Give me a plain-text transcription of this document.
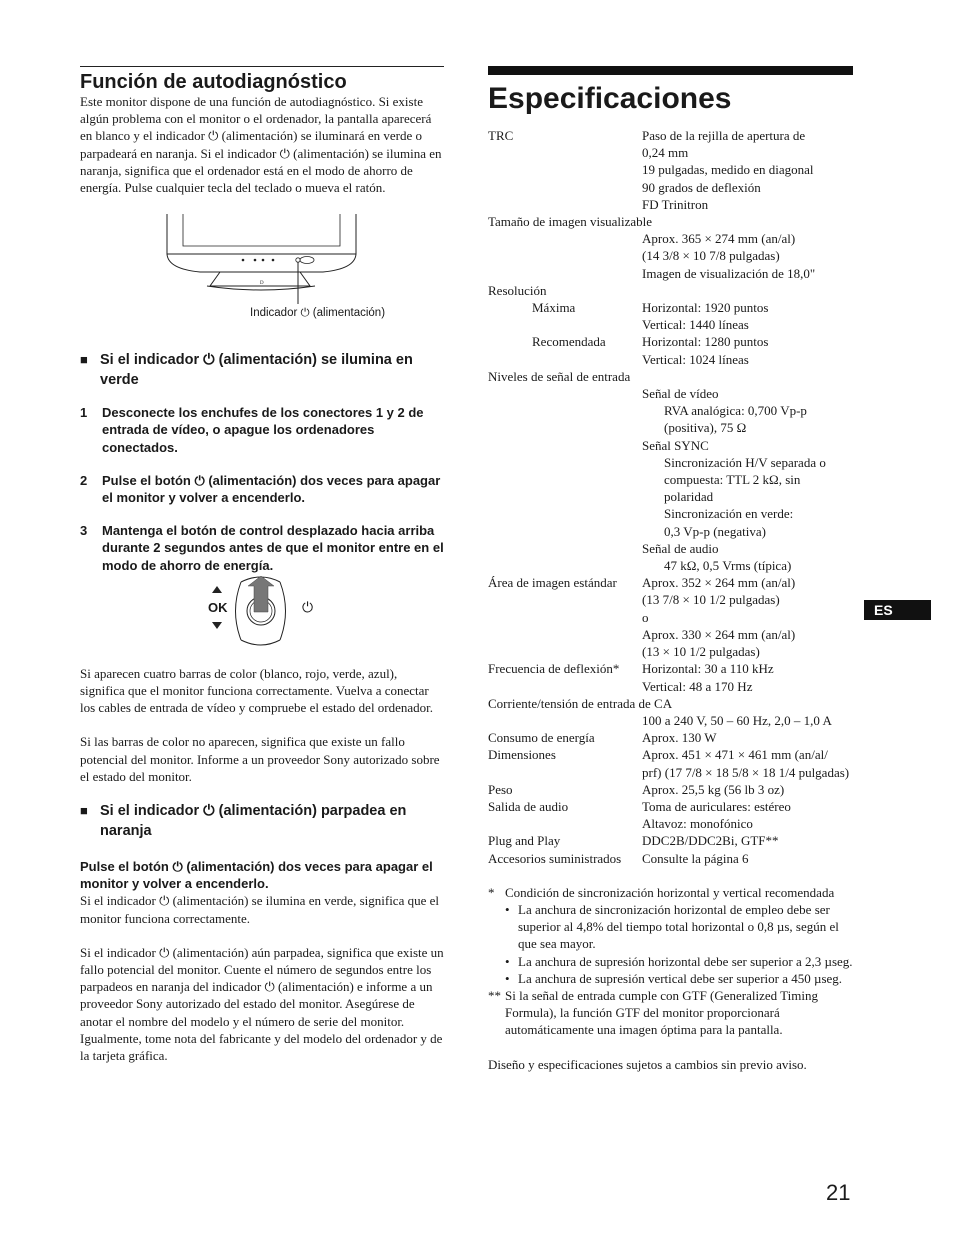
Función de autodiagnóstico

Este monitor dispone de una función de autodiagnóstico. Si existe algún problema con el monitor o el ordenador, la pantalla aparecerá en blanco y el indicador ⏻ (alimentación) se iluminará en verde o parpadeará en naranja. Si el indicador ⏻ (alimentación) se ilumina en naranja, significa que el ordenador está en el modo de ahorro de energía. Pulse cualquier tecla del teclado o mueva el ratón.

D
Indicador ⏻ (alimentación)
■ Si el indicador ⏻ (alimentación) se ilumina en verde
1	Desconecte los enchufes de los conectores 1 y 2 de entrada de vídeo, o apague los ordenadores conectados.
2	Pulse el botón ⏻ (alimentación) dos veces para apagar el monitor y volver a encenderlo.
3	Mantenga el botón de control desplazado hacia arriba durante 2 segundos antes de que el monitor entre en el modo de ahorro de energía.
OK	⏻

Si aparecen cuatro barras de color (blanco, rojo, verde, azul), significa que el monitor funciona correctamente. Vuelva a conectar los cables de entrada de vídeo y compruebe el estado del ordenador.

Si las barras de color no aparecen, significa que existe un fallo potencial del monitor. Informe a un proveedor Sony autorizado sobre el estado del monitor.

■ Si el indicador ⏻ (alimentación) parpadea en naranja

Pulse el botón ⏻ (alimentación) dos veces para apagar el monitor y volver a encenderlo.

Si el indicador ⏻ (alimentación) se ilumina en verde, significa que el monitor funciona correctamente.

Si el indicador ⏻ (alimentación) aún parpadea, significa que existe un fallo potencial del monitor. Cuente el número de segundos entre los parpadeos en naranja del indicador ⏻ (alimentación) e informe a un proveedor Sony autorizado del estado del monitor. Asegúrese de anotar el nombre del modelo y el número de serie del monitor. Igualmente, tome nota del fabricante y del modelo del ordenador y de la tarjeta gráfica.

Especificaciones
TRC	Paso de la rejilla de apertura de
0,24 mm
19 pulgadas, medido en diagonal
90 grados de deflexión
FD Trinitron
Tamaño de imagen visualizable
Aprox. 365 × 274 mm (an/al)
(14 3/8 × 10 7/8 pulgadas)
Imagen de visualización de 18,0"
Resolución
Máxima	Horizontal: 1920 puntos
Vertical: 1440 líneas
Recomendada	Horizontal: 1280 puntos
Vertical: 1024 líneas
Niveles de señal de entrada
Señal de vídeo
RVA analógica: 0,700 Vp-p
(positiva), 75 Ω
Señal SYNC
Sincronización H/V separada o
compuesta: TTL 2 kΩ, sin
polaridad
Sincronización en verde:
0,3 Vp-p (negativa)
Señal de audio
47 kΩ, 0,5 Vrms (típica)
Área de imagen estándar	Aprox. 352 × 264 mm (an/al)
(13 7/8 × 10 1/2 pulgadas)
o
Aprox. 330 × 264 mm (an/al)
(13 × 10 1/2 pulgadas)
Frecuencia de deflexión*	Horizontal: 30 a 110 kHz
Vertical: 48 a 170 Hz
Corriente/tensión de entrada de CA
100 a 240 V, 50 – 60 Hz, 2,0 – 1,0 A
Consumo de energía	Aprox. 130 W
Dimensiones	Aprox. 451 × 471 × 461 mm (an/al/
prf) (17 7/8 × 18 5/8 × 18 1/4 pulgadas)
Peso	Aprox. 25,5 kg (56 lb 3 oz)
Salida de audio	Toma de auriculares: estéreo
Altavoz: monofónico
Plug and Play	DDC2B/DDC2Bi, GTF**
Accesorios suministrados	Consulte la página 6
* Condición de sincronización horizontal y vertical recomendada
• La anchura de sincronización horizontal de empleo debe ser superior al 4,8% del tiempo total horizontal o 0,8 µs, según el que sea mayor.
• La anchura de supresión horizontal debe ser superior a 2,3 µseg.
• La anchura de supresión vertical debe ser superior a 450 µseg.
** Si la señal de entrada cumple con GTF (Generalized Timing Formula), la función GTF del monitor proporcionará automáticamente una imagen óptima para la pantalla.

Diseño y especificaciones sujetos a cambios sin previo aviso.

ES
21
